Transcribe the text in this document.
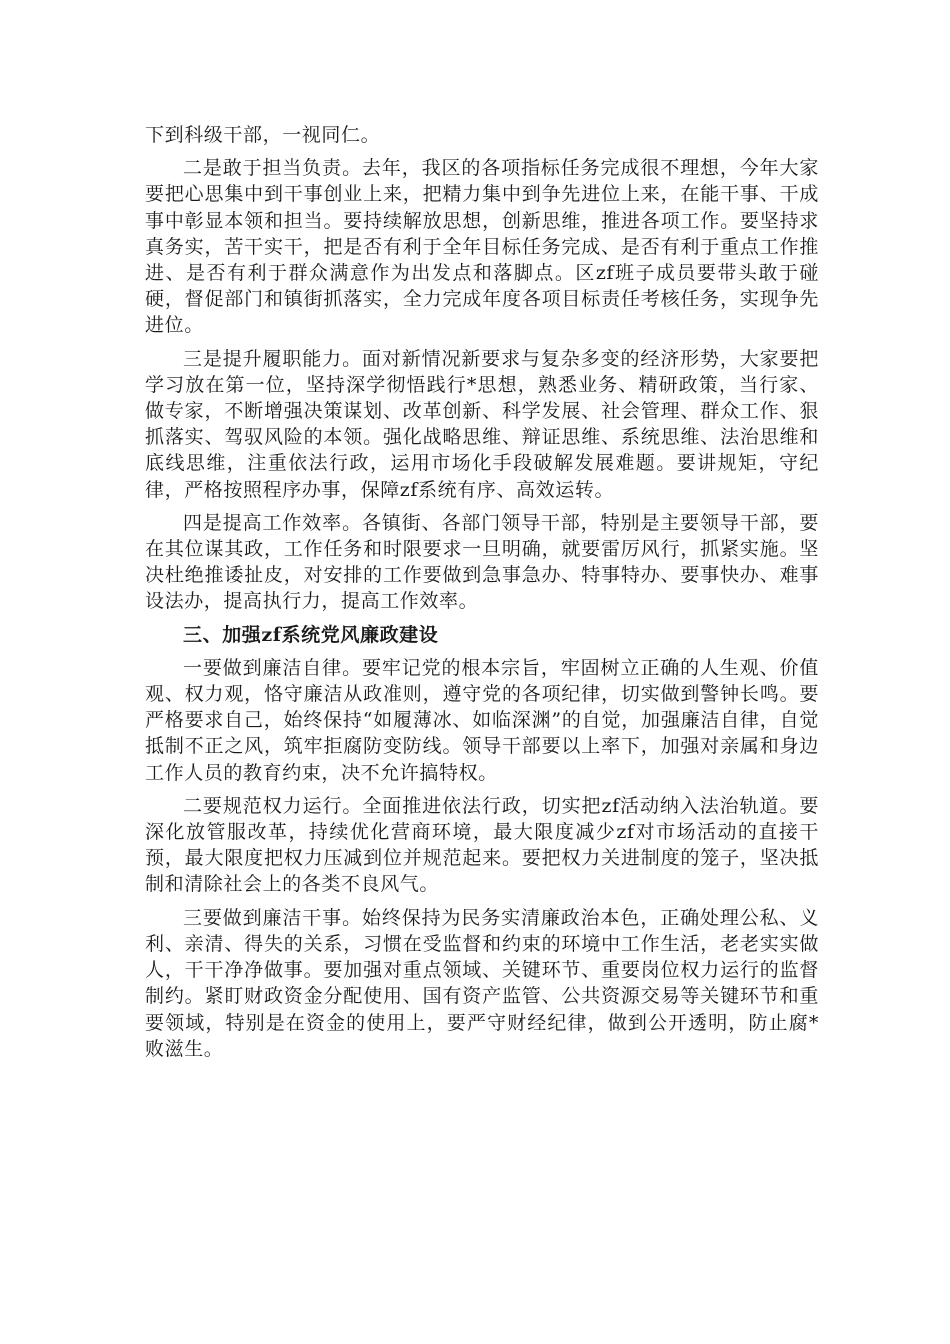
下到科级干部，一视同仁。

二是敢于担当负责。去年，我区的各项指标任务完成很不理想，今年大家要把心思集中到干事创业上来，把精力集中到争先进位上来，在能干事、干成事中彰显本领和担当。要持续解放思想，创新思维，推进各项工作。要坚持求真务实，苦干实干，把是否有利于全年目标任务完成、是否有利于重点工作推进、是否有利于群众满意作为出发点和落脚点。区zf班子成员要带头敢于碰硬，督促部门和镇街抓落实，全力完成年度各项目标责任考核任务，实现争先进位。

三是提升履职能力。面对新情况新要求与复杂多变的经济形势，大家要把学习放在第一位，坚持深学彻悟践行*思想，熟悉业务、精研政策，当行家、做专家，不断增强决策谋划、改革创新、科学发展、社会管理、群众工作、狠抓落实、驾驭风险的本领。强化战略思维、辩证思维、系统思维、法治思维和底线思维，注重依法行政，运用市场化手段破解发展难题。要讲规矩，守纪律，严格按照程序办事，保障zf系统有序、高效运转。

四是提高工作效率。各镇街、各部门领导干部，特别是主要领导干部，要在其位谋其政，工作任务和时限要求一旦明确，就要雷厉风行，抓紧实施。坚决杜绝推诿扯皮，对安排的工作要做到急事急办、特事特办、要事快办、难事设法办，提高执行力，提高工作效率。

三、加强zf系统党风廉政建设

一要做到廉洁自律。要牢记党的根本宗旨，牢固树立正确的人生观、价值观、权力观，恪守廉洁从政准则，遵守党的各项纪律，切实做到警钟长鸣。要严格要求自己，始终保持“如履薄冰、如临深渊”的自觉，加强廉洁自律，自觉抵制不正之风，筑牢拒腐防变防线。领导干部要以上率下，加强对亲属和身边工作人员的教育约束，决不允许搞特权。

二要规范权力运行。全面推进依法行政，切实把zf活动纳入法治轨道。要深化放管服改革，持续优化营商环境，最大限度减少zf对市场活动的直接干预，最大限度把权力压减到位并规范起来。要把权力关进制度的笼子，坚决抵制和清除社会上的各类不良风气。

三要做到廉洁干事。始终保持为民务实清廉政治本色，正确处理公私、义利、亲清、得失的关系，习惯在受监督和约束的环境中工作生活，老老实实做人，干干净净做事。要加强对重点领域、关键环节、重要岗位权力运行的监督制约。紧盯财政资金分配使用、国有资产监管、公共资源交易等关键环节和重要领域，特别是在资金的使用上，要严守财经纪律，做到公开透明，防止腐*败滋生。
